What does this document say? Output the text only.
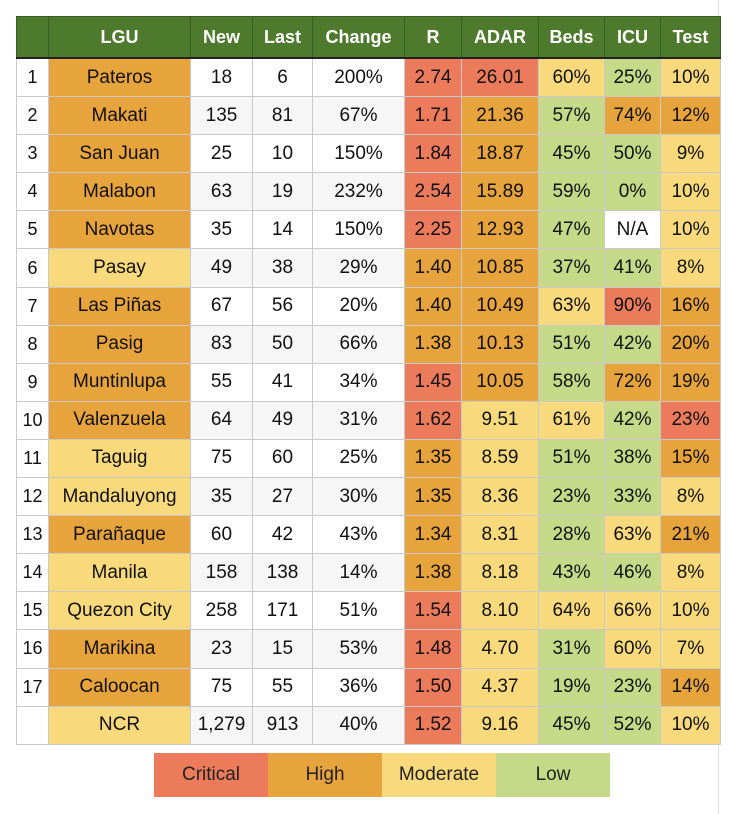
	LGU	New	Last	Change	R	ADAR	Beds	ICU	Test
1	Pateros	18	6	200%	2.74	26.01	60%	25%	10%
2	Makati	135	81	67%	1.71	21.36	57%	74%	12%
3	San Juan	25	10	150%	1.84	18.87	45%	50%	9%
4	Malabon	63	19	232%	2.54	15.89	59%	0%	10%
5	Navotas	35	14	150%	2.25	12.93	47%	N/A	10%
6	Pasay	49	38	29%	1.40	10.85	37%	41%	8%
7	Las Piñas	67	56	20%	1.40	10.49	63%	90%	16%
8	Pasig	83	50	66%	1.38	10.13	51%	42%	20%
9	Muntinlupa	55	41	34%	1.45	10.05	58%	72%	19%
10	Valenzuela	64	49	31%	1.62	9.51	61%	42%	23%
11	Taguig	75	60	25%	1.35	8.59	51%	38%	15%
12	Mandaluyong	35	27	30%	1.35	8.36	23%	33%	8%
13	Parañaque	60	42	43%	1.34	8.31	28%	63%	21%
14	Manila	158	138	14%	1.38	8.18	43%	46%	8%
15	Quezon City	258	171	51%	1.54	8.10	64%	66%	10%
16	Marikina	23	15	53%	1.48	4.70	31%	60%	7%
17	Caloocan	75	55	36%	1.50	4.37	19%	23%	14%
	NCR	1,279	913	40%	1.52	9.16	45%	52%	10%
Critical	High	Moderate	Low
